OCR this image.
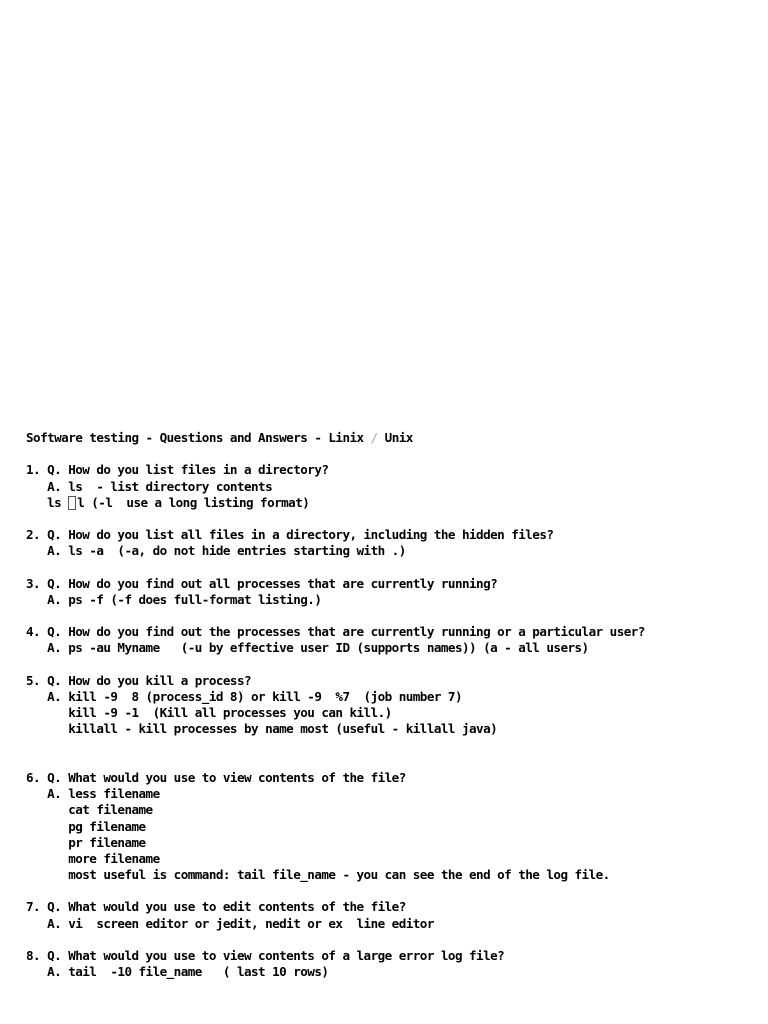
Software testing - Questions and Answers - Linix / Unix
1. Q. How do you list files in a directory?
A. ls  - list directory contents
ls l (-l  use a long listing format)
2. Q. How do you list all files in a directory, including the hidden files?
A. ls -a  (-a, do not hide entries starting with .)
3. Q. How do you find out all processes that are currently running?
A. ps -f (-f does full-format listing.)
4. Q. How do you find out the processes that are currently running or a particular user?
A. ps -au Myname   (-u by effective user ID (supports names)) (a - all users)
5. Q. How do you kill a process?
A. kill -9  8 (process_id 8) or kill -9  %7  (job number 7)
kill -9 -1  (Kill all processes you can kill.)
killall - kill processes by name most (useful - killall java)
6. Q. What would you use to view contents of the file?
A. less filename
cat filename
pg filename
pr filename
more filename
most useful is command: tail file_name - you can see the end of the log file.
7. Q. What would you use to edit contents of the file?
A. vi  screen editor or jedit, nedit or ex  line editor
8. Q. What would you use to view contents of a large error log file?
A. tail  -10 file_name   ( last 10 rows)
